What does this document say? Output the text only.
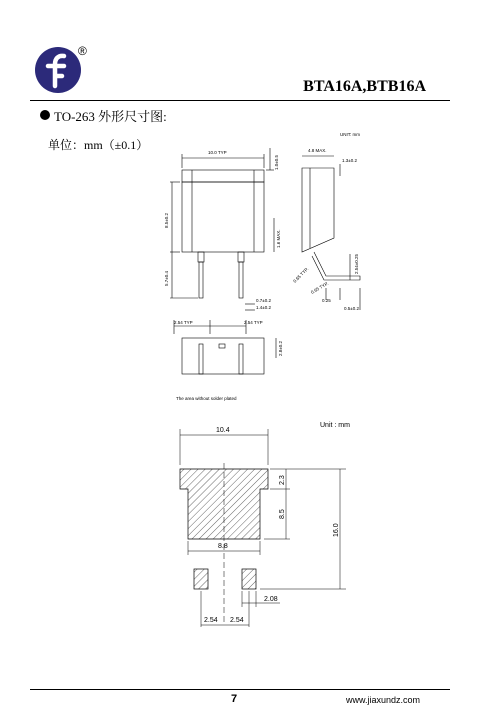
®
BTA16A,BTB16A
TO-263 外形尺寸图:
单位：mm（±0.1）
UNIT: mm
10.0 TYP
1.0±0.5
8.5±0.2
5.7±0.4
1.6 MAX.
0.7±0.2
1.4±0.2
4.8 MAX.
1.3±0.2
2.54±0.25
0.65 TYP.
0.65 TYP.
0.25
0.5±0.2
2.54 TYP	2.54 TYP
2.8±0.2
The area without solder plated
Unit : mm
10.4
2.3
8.5
16.0
8.8
2.08
2.54 2.54
7	www.jiaxundz.com
